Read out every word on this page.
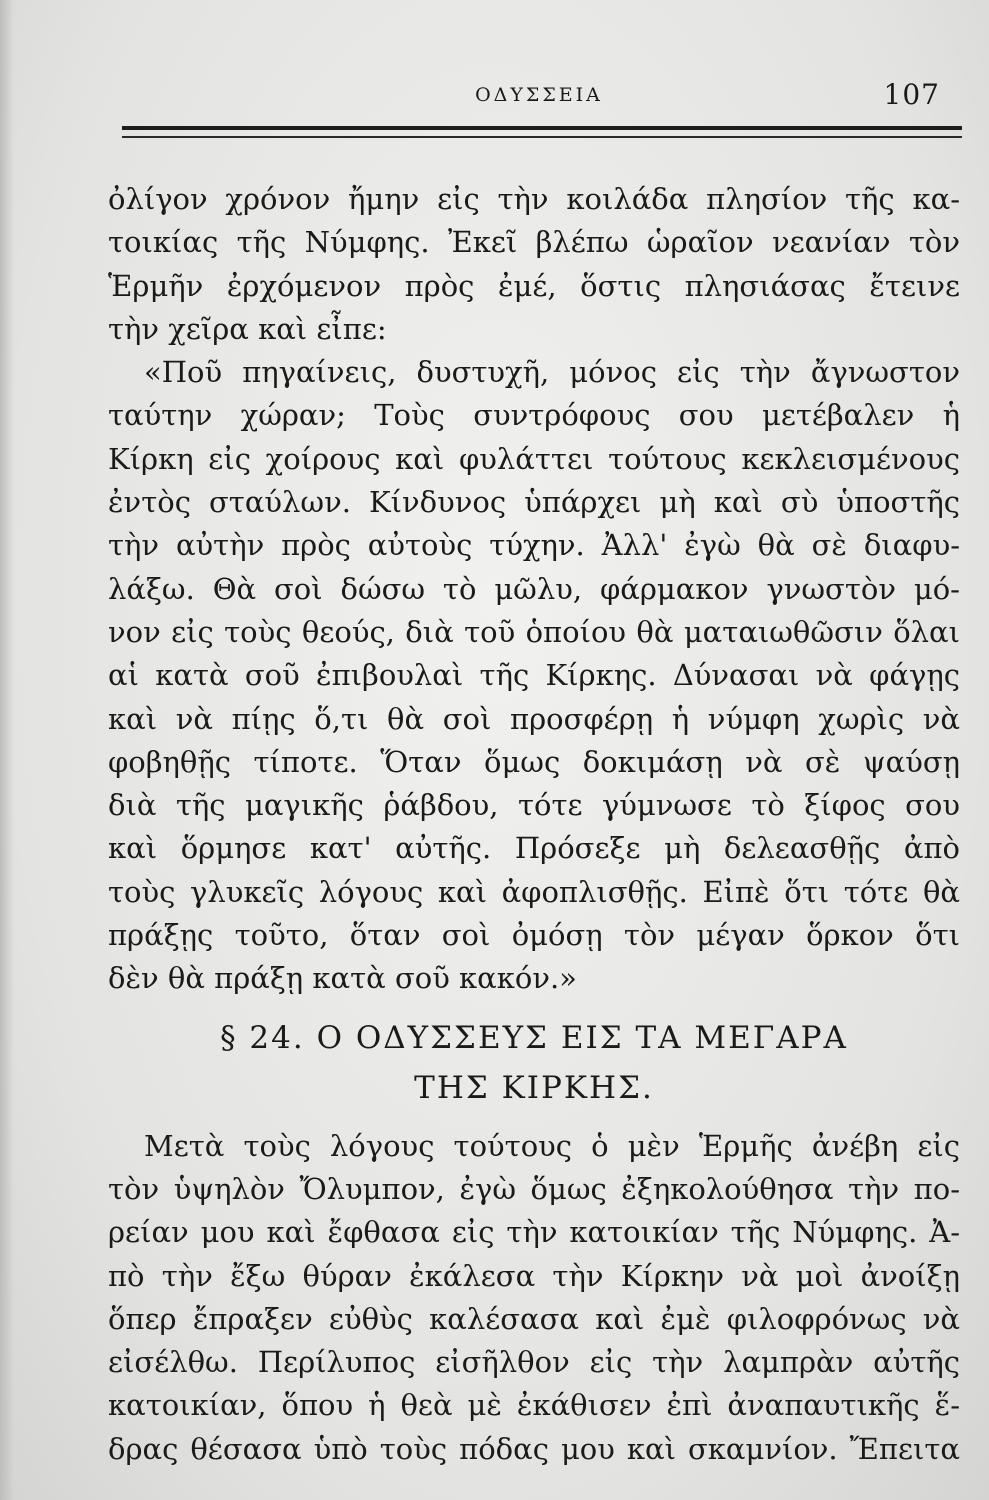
ΟΔΥΣΣΕΙΑ	107
ὀλίγον χρόνον ἤμην εἰς τὴν κοιλάδα πλησίον τῆς κα-
τοικίας τῆς Νύμφης. Ἐκεῖ βλέπω ὡραῖον νεανίαν τὸν
Ἑρμῆν ἐρχόμενον πρὸς ἐμέ, ὅστις πλησιάσας ἔτεινε
τὴν χεῖρα καὶ εἶπε:
«Ποῦ πηγαίνεις, δυστυχῆ, μόνος εἰς τὴν ἄγνωστον
ταύτην χώραν; Τοὺς συντρόφους σου μετέβαλεν ἡ
Κίρκη εἰς χοίρους καὶ φυλάττει τούτους κεκλεισμένους
ἐντὸς σταύλων. Κίνδυνος ὑπάρχει μὴ καὶ σὺ ὑποστῆς
τὴν αὐτὴν πρὸς αὐτοὺς τύχην. Ἀλλ' ἐγὼ θὰ σὲ διαφυ-
λάξω. Θὰ σοὶ δώσω τὸ μῶλυ, φάρμακον γνωστὸν μό-
νον εἰς τοὺς θεούς, διὰ τοῦ ὁποίου θὰ ματαιωθῶσιν ὅλαι
αἱ κατὰ σοῦ ἐπιβουλαὶ τῆς Κίρκης. Δύνασαι νὰ φάγῃς
καὶ νὰ πίῃς ὅ,τι θὰ σοὶ προσφέρῃ ἡ νύμφη χωρὶς νὰ
φοβηθῇς τίποτε. Ὅταν ὅμως δοκιμάσῃ νὰ σὲ ψαύσῃ
διὰ τῆς μαγικῆς ῥάβδου, τότε γύμνωσε τὸ ξίφος σου
καὶ ὅρμησε κατ' αὐτῆς. Πρόσεξε μὴ δελεασθῇς ἀπὸ
τοὺς γλυκεῖς λόγους καὶ ἀφοπλισθῇς. Εἰπὲ ὅτι τότε θὰ
πράξῃς τοῦτο, ὅταν σοὶ ὀμόσῃ τὸν μέγαν ὅρκον ὅτι
δὲν θὰ πράξῃ κατὰ σοῦ κακόν.»
§ 24. Ο ΟΔΥΣΣΕΥΣ ΕΙΣ ΤΑ ΜΕΓΑΡΑ
ΤΗΣ ΚΙΡΚΗΣ.
Μετὰ τοὺς λόγους τούτους ὁ μὲν Ἑρμῆς ἀνέβη εἰς
τὸν ὑψηλὸν Ὄλυμπον, ἐγὼ ὅμως ἐξηκολούθησα τὴν πο-
ρείαν μου καὶ ἔφθασα εἰς τὴν κατοικίαν τῆς Νύμφης. Ἀ-
πὸ τὴν ἔξω θύραν ἐκάλεσα τὴν Κίρκην νὰ μοὶ ἀνοίξῃ
ὅπερ ἔπραξεν εὐθὺς καλέσασα καὶ ἐμὲ φιλοφρόνως νὰ
εἰσέλθω. Περίλυπος εἰσῆλθον εἰς τὴν λαμπρὰν αὐτῆς
κατοικίαν, ὅπου ἡ θεὰ μὲ ἐκάθισεν ἐπὶ ἀναπαυτικῆς ἕ-
δρας θέσασα ὑπὸ τοὺς πόδας μου καὶ σκαμνίον. Ἔπειτα
